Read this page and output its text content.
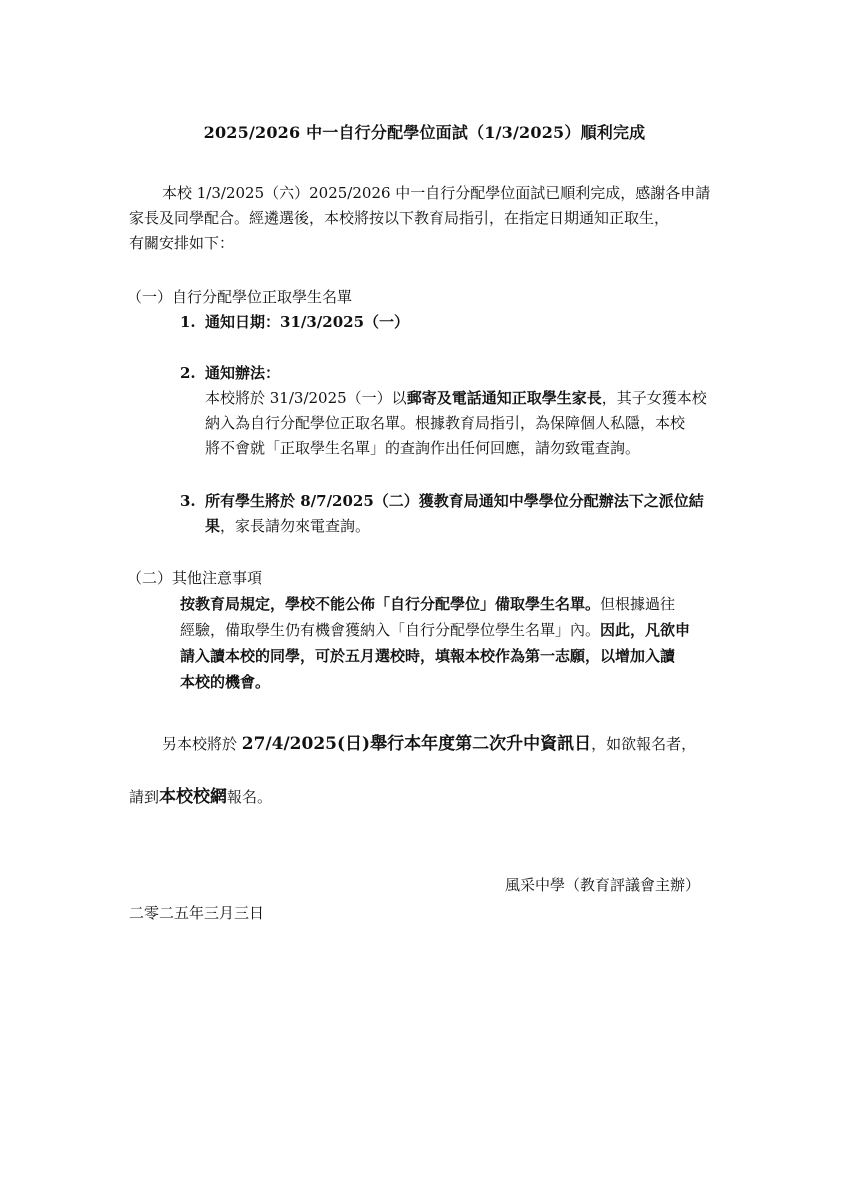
2025/2026 中一自行分配學位面試（1/3/2025）順利完成

本校 1/3/2025（六）2025/2026 中一自行分配學位面試已順利完成，感謝各申請

家長及同學配合。經遴選後，本校將按以下教育局指引，在指定日期通知正取生，

有關安排如下：

（一）自行分配學位正取學生名單

1. 通知日期：31/3/2025（一）

2. 通知辦法：

本校將於 31/3/2025（一）以郵寄及電話通知正取學生家長，其子女獲本校

納入為自行分配學位正取名單。根據教育局指引，為保障個人私隱，本校

將不會就「正取學生名單」的查詢作出任何回應，請勿致電查詢。

3. 所有學生將於 8/7/2025（二）獲教育局通知中學學位分配辦法下之派位結

果，家長請勿來電查詢。

（二）其他注意事項

按教育局規定，學校不能公佈「自行分配學位」備取學生名單。但根據過往

經驗，備取學生仍有機會獲納入「自行分配學位學生名單」內。因此，凡欲申

請入讀本校的同學，可於五月選校時，填報本校作為第一志願，以增加入讀

本校的機會。

另本校將於 27/4/2025(日)舉行本年度第二次升中資訊日，如欲報名者，

請到本校校網報名。

風采中學（教育評議會主辦）

二零二五年三月三日
